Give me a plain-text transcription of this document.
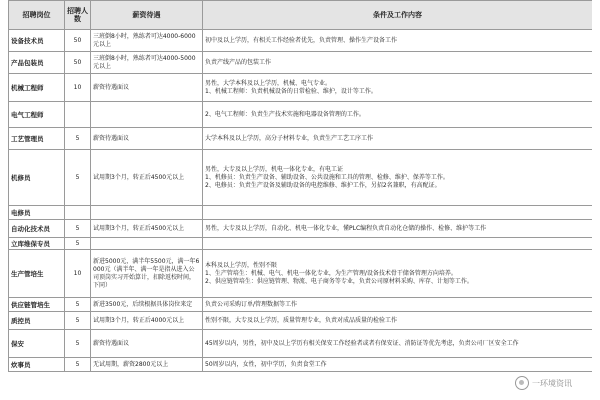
招聘岗位	招聘人数	薪资待遇	条件及工作内容
设备技术员	50	三班倒8小时，熟练者可达4000-6000元以上	初中及以上学历，有相关工作经验者优先，负责管理、操作生产设备工作

产品包装员	50	三班倒8小时，熟练者可达4000-5000元以上	负责产线产品的包装工作

机械工程师	10	薪资待遇面议	男性，大学本科及以上学历，机械、电气专业。
1、机械工程师：负责机械设备的日常检验、维护，设计等工作。

电气工程师			2、电气工程师：负责生产技术实施和电器设备管理的工作。

工艺管理员	5	薪资待遇面议	大学本科及以上学历，高分子材料专业，负责生产工艺工序工作

机修员	5	试用期3个月，转正后4500元以上	男性，大专及以上学历，机电一体化专业，有电工证
1、机修员：负责生产设备、辅助设备、公共设施和工具的管理、检修、维护、保养等工作。
2、电修员：负责生产设备及辅助设备的电控维修、维护工作，另招2名兼职，有高配证。

电修员			
自动化技术员	5	试用期3个月，转正后4500元以上	男性，大专及以上学历，自动化、机电一体化专业，懂PLC编程负责自动化仓储的操作、检修、维护等工作

立库维保专员	5		
生产管培生	10	新进5000元，满半年5500元，满一年6000元（满半年、满一年是指从进入公司顶岗实习开始算计，扣除返校时间，下同）	本科及以上学历，性别不限
1、生产管培生：机械、电气、机电一体化专业，为生产管理/设备技术骨干储备管理方向培养。
2、供应链管培生：供应链管理、物流、电子商务等专业，负责公司原材料采购、库存、计划等工作。

供应链管培生	5	新进3500元，后续根据具体岗位来定	负责公司采购订单/管理数据等工作

质控员	5	试用期3个月，转正后4000元以上	性别不限，大专及以上学历，质量管理专业，负责对成品质量的检验工作

保安	5	薪资待遇面议	45周岁以内，男性，初中及以上学历有相关保安工作经验者或者有保安证、消防证等优先考虑，负责公司厂区安全工作

炊事员	5	无试用期，薪资2800元以上	50周岁以内，女性，初中学历，负责食堂工作
一环境资讯
